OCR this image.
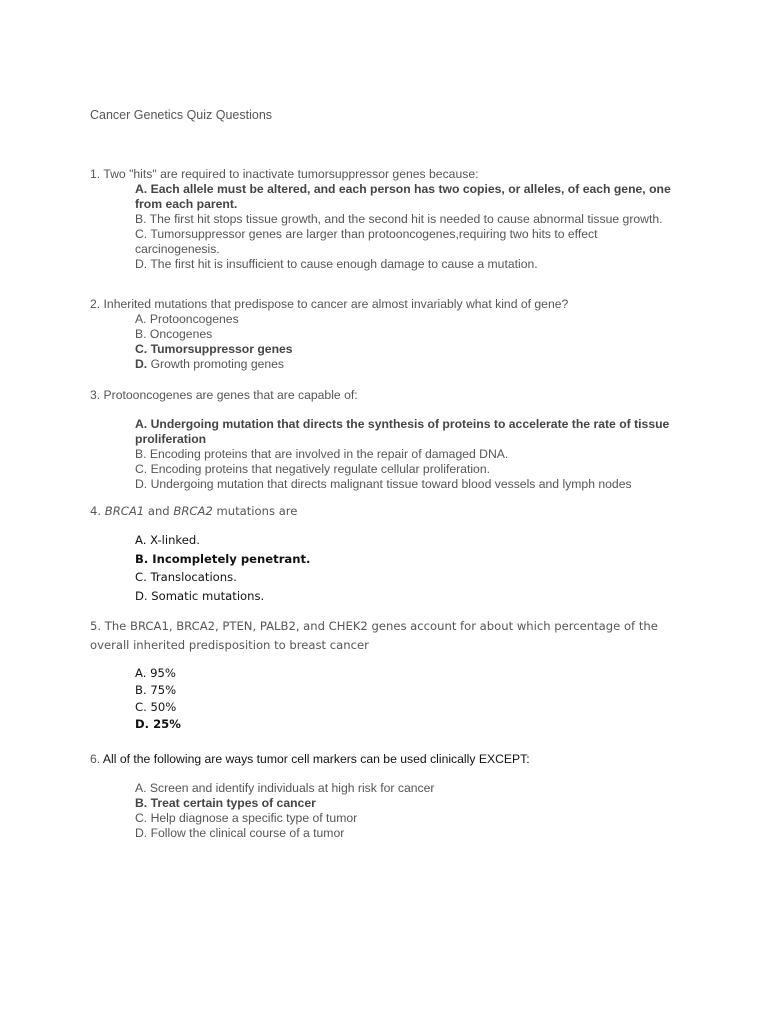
Cancer Genetics Quiz Questions
1. Two "hits" are required to inactivate tumorsuppressor genes because:
A. Each allele must be altered, and each person has two copies, or alleles, of each gene, one from each parent.
B. The first hit stops tissue growth, and the second hit is needed to cause abnormal tissue growth.
C. Tumorsuppressor genes are larger than protooncogenes,requiring two hits to effect carcinogenesis.
D. The first hit is insufficient to cause enough damage to cause a mutation.
2. Inherited mutations that predispose to cancer are almost invariably what kind of gene?
A. Protooncogenes
B. Oncogenes
C. Tumorsuppressor genes
D. Growth promoting genes
3. Protooncogenes are genes that are capable of:
A. Undergoing mutation that directs the synthesis of proteins to accelerate the rate of tissue proliferation
B. Encoding proteins that are involved in the repair of damaged DNA.
C. Encoding proteins that negatively regulate cellular proliferation.
D. Undergoing mutation that directs malignant tissue toward blood vessels and lymph nodes
4. BRCA1 and BRCA2 mutations are
A. X-linked.
B. Incompletely penetrant.
C. Translocations.
D. Somatic mutations.
5. The BRCA1, BRCA2, PTEN, PALB2, and CHEK2 genes account for about which percentage of the overall inherited predisposition to breast cancer
A. 95%
B. 75%
C. 50%
D. 25%
6. All of the following are ways tumor cell markers can be used clinically EXCEPT:
A. Screen and identify individuals at high risk for cancer
B. Treat certain types of cancer
C. Help diagnose a specific type of tumor
D. Follow the clinical course of a tumor
